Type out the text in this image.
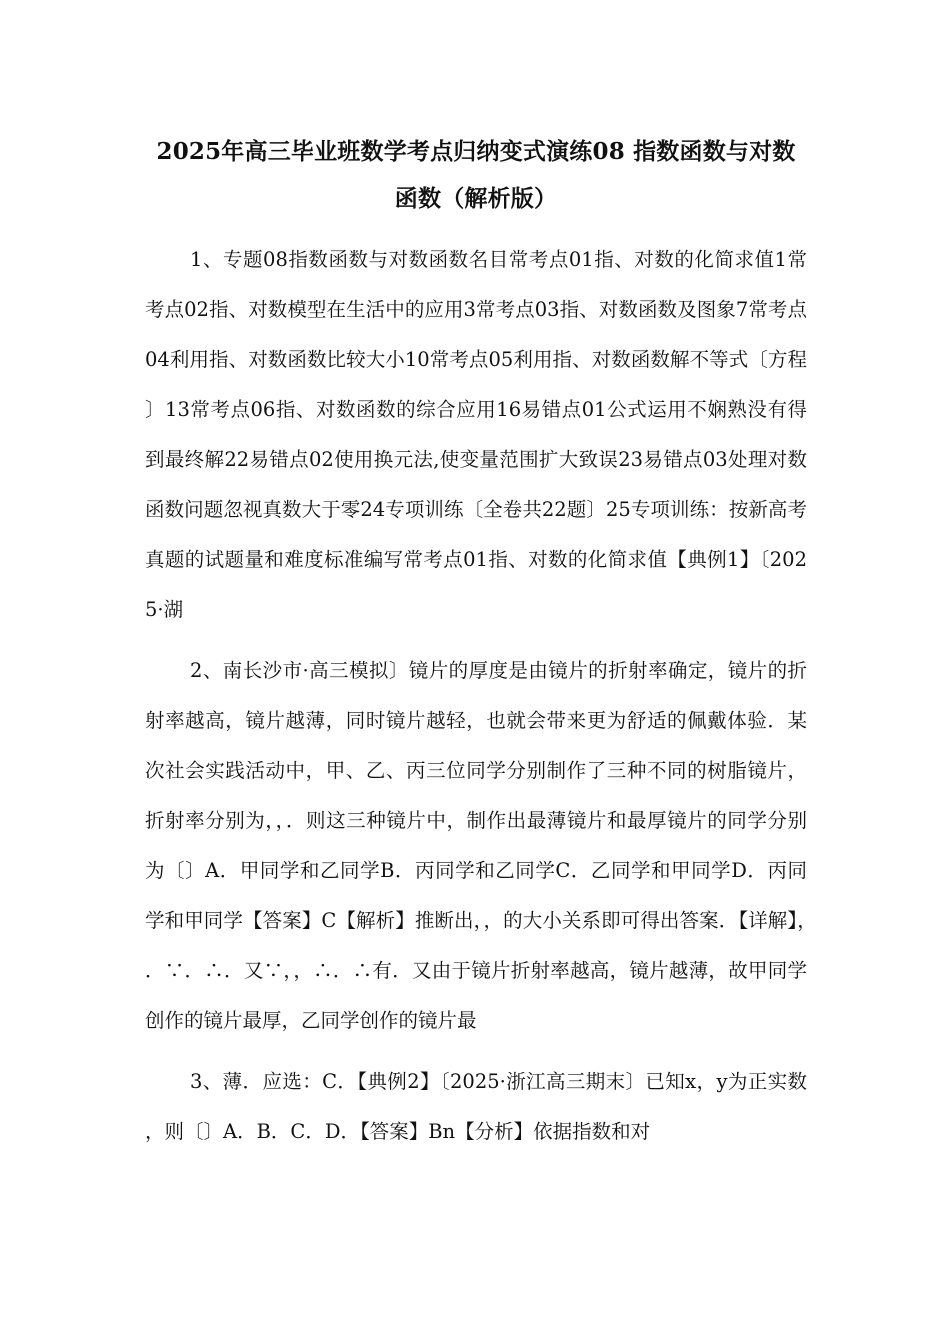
2025年高三毕业班数学考点归纳变式演练08 指数函数与对数函数（解析版）

1、专题08指数函数与对数函数名目常考点01指、对数的化简求值1常考点02指、对数模型在生活中的应用3常考点03指、对数函数及图象7常考点04利用指、对数函数比较大小10常考点05利用指、对数函数解不等式〔方程〕13常考点06指、对数函数的综合应用16易错点01公式运用不娴熟没有得到最终解22易错点02使用换元法,使变量范围扩大致误23易错点03处理对数函数问题忽视真数大于零24专项训练〔全卷共22题〕25专项训练：按新高考真题的试题量和难度标准编写常考点01指、对数的化简求值【典例1】〔2025·湖

2、南长沙市·高三模拟〕镜片的厚度是由镜片的折射率确定，镜片的折射率越高，镜片越薄，同时镜片越轻，也就会带来更为舒适的佩戴体验．某次社会实践活动中，甲、乙、丙三位同学分别制作了三种不同的树脂镜片，折射率分别为，，．则这三种镜片中，制作出最薄镜片和最厚镜片的同学分别为〔〕A．甲同学和乙同学B．丙同学和乙同学C．乙同学和甲同学D．丙同学和甲同学【答案】C【解析】推断出，，的大小关系即可得出答案．【详解】，．∵．∴．又∵，，∴．∴有．又由于镜片折射率越高，镜片越薄，故甲同学创作的镜片最厚，乙同学创作的镜片最

3、薄．应选：C．【典例2】〔2025·浙江高三期末〕已知x，y为正实数，则〔〕A．B．C．D．【答案】Bn【分析】依据指数和对
